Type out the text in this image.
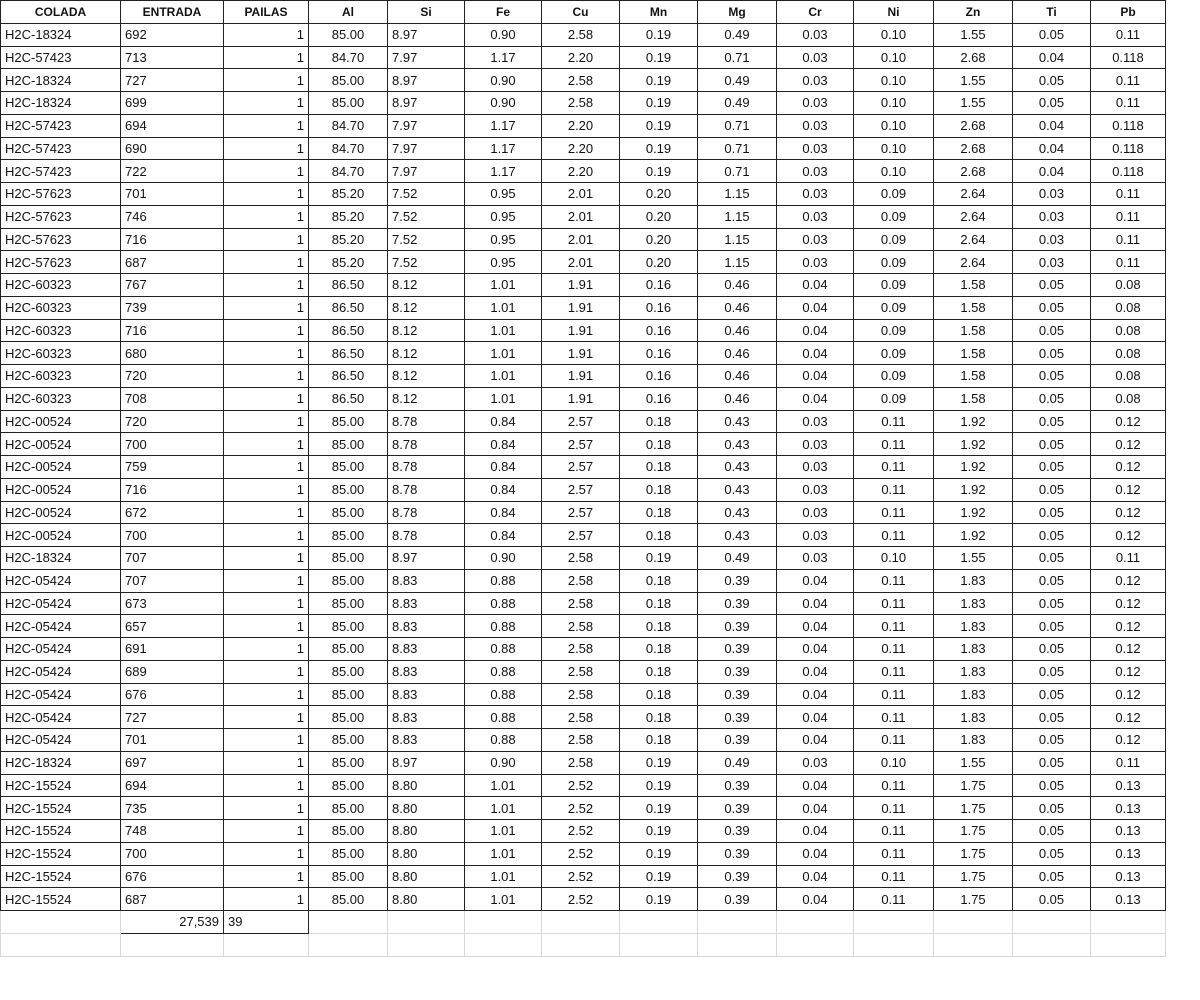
COLADA	ENTRADA	PAILAS	Al	Si	Fe	Cu	Mn	Mg	Cr	Ni	Zn	Ti	Pb
H2C-18324	692	1	85.00	8.97	0.90	2.58	0.19	0.49	0.03	0.10	1.55	0.05	0.11
H2C-57423	713	1	84.70	7.97	1.17	2.20	0.19	0.71	0.03	0.10	2.68	0.04	0.118
H2C-18324	727	1	85.00	8.97	0.90	2.58	0.19	0.49	0.03	0.10	1.55	0.05	0.11
H2C-18324	699	1	85.00	8.97	0.90	2.58	0.19	0.49	0.03	0.10	1.55	0.05	0.11
H2C-57423	694	1	84.70	7.97	1.17	2.20	0.19	0.71	0.03	0.10	2.68	0.04	0.118
H2C-57423	690	1	84.70	7.97	1.17	2.20	0.19	0.71	0.03	0.10	2.68	0.04	0.118
H2C-57423	722	1	84.70	7.97	1.17	2.20	0.19	0.71	0.03	0.10	2.68	0.04	0.118
H2C-57623	701	1	85.20	7.52	0.95	2.01	0.20	1.15	0.03	0.09	2.64	0.03	0.11
H2C-57623	746	1	85.20	7.52	0.95	2.01	0.20	1.15	0.03	0.09	2.64	0.03	0.11
H2C-57623	716	1	85.20	7.52	0.95	2.01	0.20	1.15	0.03	0.09	2.64	0.03	0.11
H2C-57623	687	1	85.20	7.52	0.95	2.01	0.20	1.15	0.03	0.09	2.64	0.03	0.11
H2C-60323	767	1	86.50	8.12	1.01	1.91	0.16	0.46	0.04	0.09	1.58	0.05	0.08
H2C-60323	739	1	86.50	8.12	1.01	1.91	0.16	0.46	0.04	0.09	1.58	0.05	0.08
H2C-60323	716	1	86.50	8.12	1.01	1.91	0.16	0.46	0.04	0.09	1.58	0.05	0.08
H2C-60323	680	1	86.50	8.12	1.01	1.91	0.16	0.46	0.04	0.09	1.58	0.05	0.08
H2C-60323	720	1	86.50	8.12	1.01	1.91	0.16	0.46	0.04	0.09	1.58	0.05	0.08
H2C-60323	708	1	86.50	8.12	1.01	1.91	0.16	0.46	0.04	0.09	1.58	0.05	0.08
H2C-00524	720	1	85.00	8.78	0.84	2.57	0.18	0.43	0.03	0.11	1.92	0.05	0.12
H2C-00524	700	1	85.00	8.78	0.84	2.57	0.18	0.43	0.03	0.11	1.92	0.05	0.12
H2C-00524	759	1	85.00	8.78	0.84	2.57	0.18	0.43	0.03	0.11	1.92	0.05	0.12
H2C-00524	716	1	85.00	8.78	0.84	2.57	0.18	0.43	0.03	0.11	1.92	0.05	0.12
H2C-00524	672	1	85.00	8.78	0.84	2.57	0.18	0.43	0.03	0.11	1.92	0.05	0.12
H2C-00524	700	1	85.00	8.78	0.84	2.57	0.18	0.43	0.03	0.11	1.92	0.05	0.12
H2C-18324	707	1	85.00	8.97	0.90	2.58	0.19	0.49	0.03	0.10	1.55	0.05	0.11
H2C-05424	707	1	85.00	8.83	0.88	2.58	0.18	0.39	0.04	0.11	1.83	0.05	0.12
H2C-05424	673	1	85.00	8.83	0.88	2.58	0.18	0.39	0.04	0.11	1.83	0.05	0.12
H2C-05424	657	1	85.00	8.83	0.88	2.58	0.18	0.39	0.04	0.11	1.83	0.05	0.12
H2C-05424	691	1	85.00	8.83	0.88	2.58	0.18	0.39	0.04	0.11	1.83	0.05	0.12
H2C-05424	689	1	85.00	8.83	0.88	2.58	0.18	0.39	0.04	0.11	1.83	0.05	0.12
H2C-05424	676	1	85.00	8.83	0.88	2.58	0.18	0.39	0.04	0.11	1.83	0.05	0.12
H2C-05424	727	1	85.00	8.83	0.88	2.58	0.18	0.39	0.04	0.11	1.83	0.05	0.12
H2C-05424	701	1	85.00	8.83	0.88	2.58	0.18	0.39	0.04	0.11	1.83	0.05	0.12
H2C-18324	697	1	85.00	8.97	0.90	2.58	0.19	0.49	0.03	0.10	1.55	0.05	0.11
H2C-15524	694	1	85.00	8.80	1.01	2.52	0.19	0.39	0.04	0.11	1.75	0.05	0.13
H2C-15524	735	1	85.00	8.80	1.01	2.52	0.19	0.39	0.04	0.11	1.75	0.05	0.13
H2C-15524	748	1	85.00	8.80	1.01	2.52	0.19	0.39	0.04	0.11	1.75	0.05	0.13
H2C-15524	700	1	85.00	8.80	1.01	2.52	0.19	0.39	0.04	0.11	1.75	0.05	0.13
H2C-15524	676	1	85.00	8.80	1.01	2.52	0.19	0.39	0.04	0.11	1.75	0.05	0.13
H2C-15524	687	1	85.00	8.80	1.01	2.52	0.19	0.39	0.04	0.11	1.75	0.05	0.13
	27,539	39											
